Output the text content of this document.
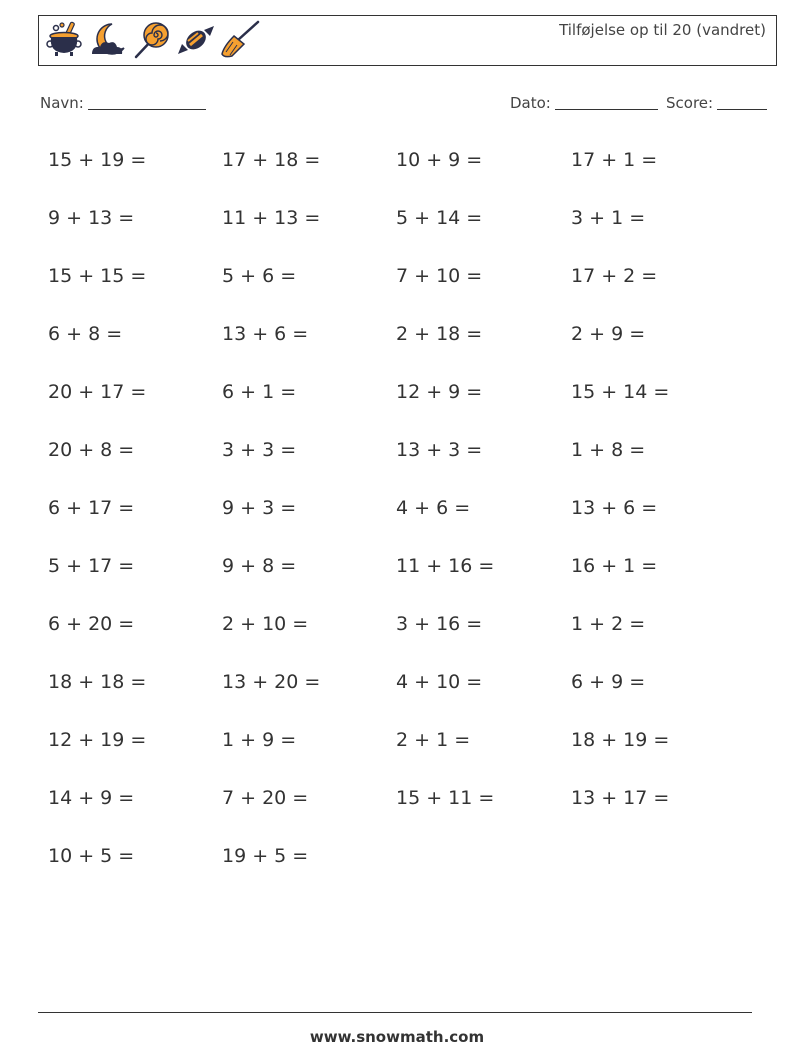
Tilføjelse op til 20 (vandret)
Navn:	Dato:	Score:
15 + 19 =	17 + 18 =	10 + 9 =	17 + 1 =
9 + 13 =	11 + 13 =	5 + 14 =	3 + 1 =
15 + 15 =	5 + 6 =	7 + 10 =	17 + 2 =
6 + 8 =	13 + 6 =	2 + 18 =	2 + 9 =
20 + 17 =	6 + 1 =	12 + 9 =	15 + 14 =
20 + 8 =	3 + 3 =	13 + 3 =	1 + 8 =
6 + 17 =	9 + 3 =	4 + 6 =	13 + 6 =
5 + 17 =	9 + 8 =	11 + 16 =	16 + 1 =
6 + 20 =	2 + 10 =	3 + 16 =	1 + 2 =
18 + 18 =	13 + 20 =	4 + 10 =	6 + 9 =
12 + 19 =	1 + 9 =	2 + 1 =	18 + 19 =
14 + 9 =	7 + 20 =	15 + 11 =	13 + 17 =
10 + 5 =	19 + 5 =
www.snowmath.com
